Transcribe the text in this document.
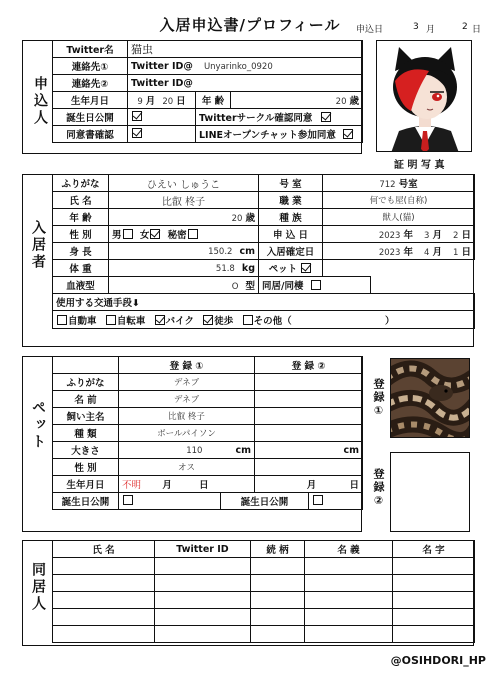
入居申込書/プロフィール	申込日	3 月	2 日
申込人
Twitter名	猫虫		
連絡先①	Twitter ID@ Unyarinko_0920		
連絡先②	Twitter ID@		
生年月日	9 月 20 日	年 齢	20 歳
誕生日公開		Twitterサークル確認同意	
同意書確認		LINEオープンチャット参加同意	
証 明 写 真
入居者
ふりがな	ひえい しゅうこ	号 室	712 号室	
氏 名	比叡 柊子	職 業	何でも屋(自称)	
年 齢	20 歳	種 族	獣人(猫)	
性 別	男 女 秘密	申 込 日	2023 年 3 月 2 日	
身 長	150.2 cm	入居確定日	2023 年 4 月 1 日	
体 重	51.8 kg	ペット		
血液型	O 型	同居/同棲		
使用する交通手段⬇				
自動車 自転車 バイク 徒歩 その他（ ）				
ペット
	登 録 ①		登 録 ②	
ふりがな	デネブ			
名 前	デネブ			
飼い主名	比叡 柊子			
種 類	ボールパイソン			
大きさ	110 cm		cm	
性 別	オス			
生年月日	不明 月 日		月 日	
誕生日公開		誕生日公開		
登録①
登録②
同居人
氏 名	Twitter ID	続 柄	名 義	名 字

@OSIHDORI_HP
